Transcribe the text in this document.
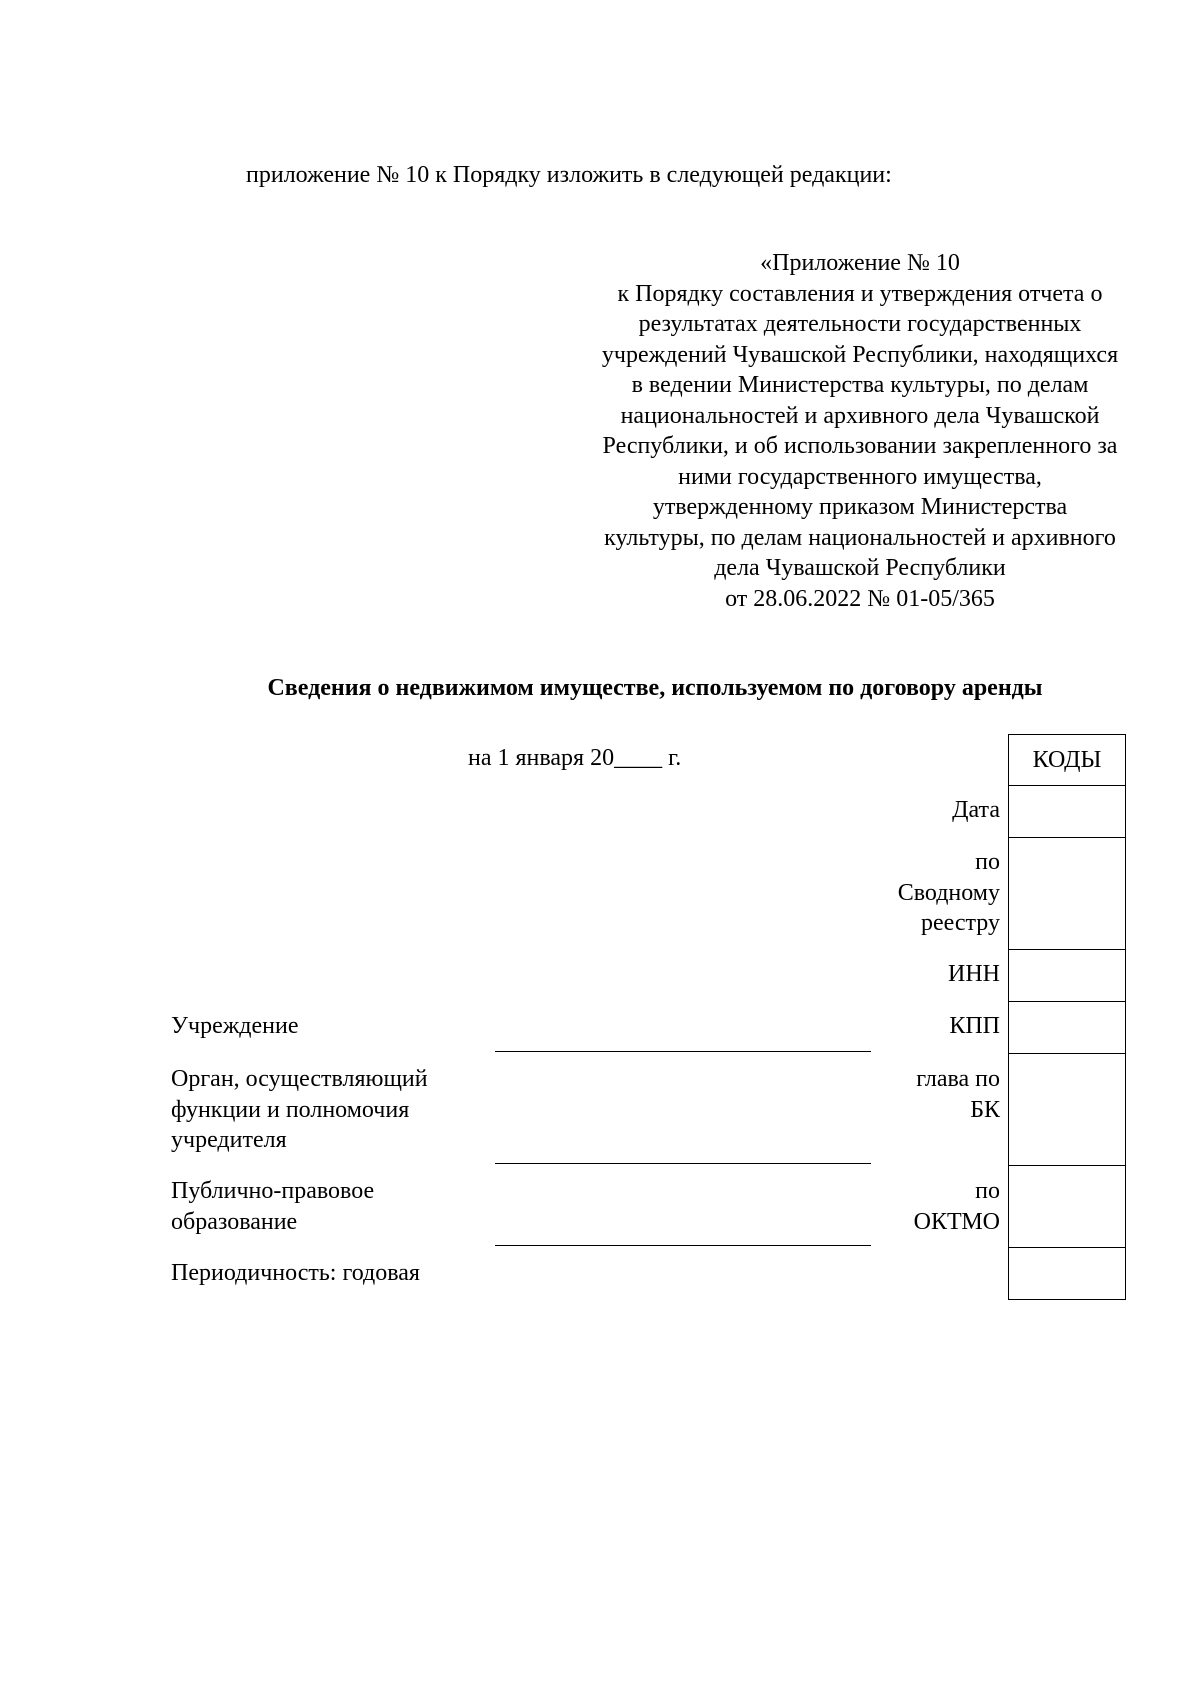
приложение № 10 к Порядку изложить в следующей редакции:
«Приложение № 10
к Порядку составления и утверждения отчета о
результатах деятельности государственных
учреждений Чувашской Республики, находящихся
в ведении Министерства культуры, по делам
национальностей и архивного дела Чувашской
Республики, и об использовании закрепленного за
ними государственного имущества,
утвержденному приказом Министерства
культуры, по делам национальностей и архивного
дела Чувашской Республики
от 28.06.2022 № 01-05/365
Сведения о недвижимом имуществе, используемом по договору аренды
на 1 января 20____ г.	КОДЫ
Дата
по
Сводному
реестру
ИНН
КПП
глава по
БК
по
ОКТМО
Учреждение
Орган, осуществляющий
функции и полномочия
учредителя
Публично-правовое
образование
Периодичность: годовая
